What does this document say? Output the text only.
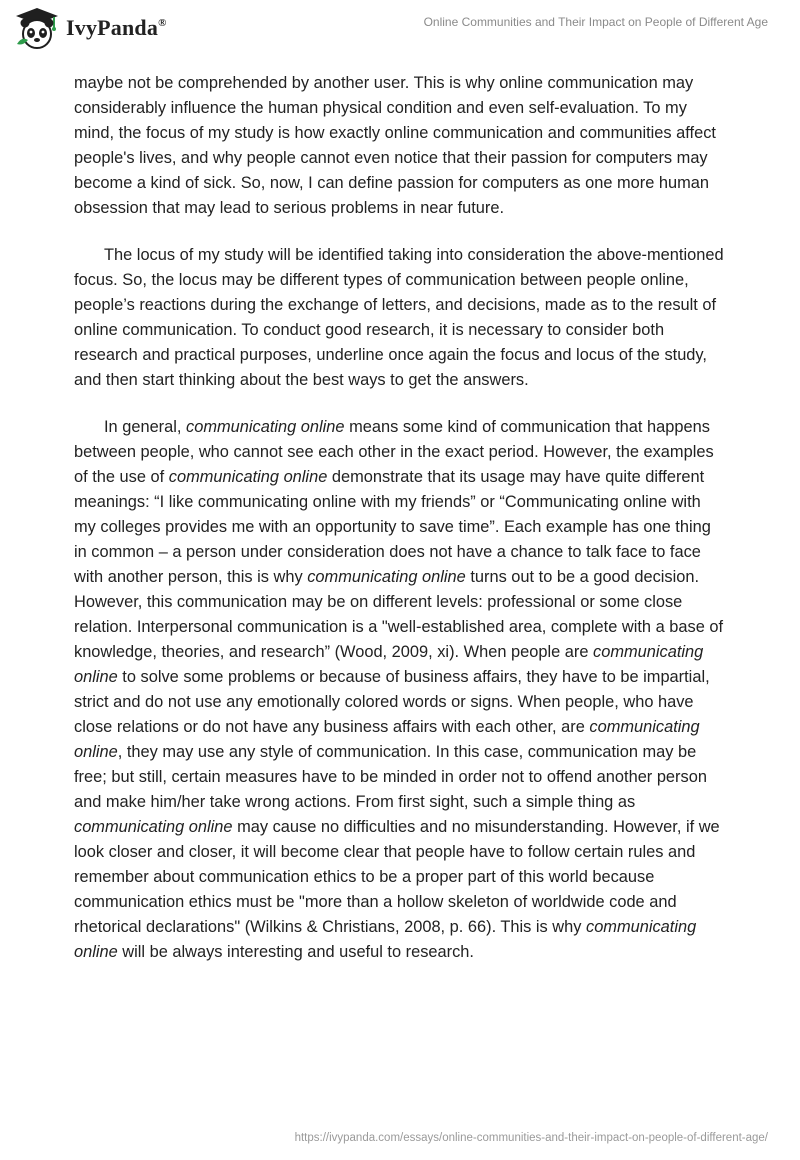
IvyPanda®	Online Communities and Their Impact on People of Different Age

maybe not be comprehended by another user. This is why online communication may considerably influence the human physical condition and even self-evaluation. To my mind, the focus of my study is how exactly online communication and communities affect people's lives, and why people cannot even notice that their passion for computers may become a kind of sick. So, now, I can define passion for computers as one more human obsession that may lead to serious problems in near future.

The locus of my study will be identified taking into consideration the above-mentioned focus. So, the locus may be different types of communication between people online, people’s reactions during the exchange of letters, and decisions, made as to the result of online communication. To conduct good research, it is necessary to consider both research and practical purposes, underline once again the focus and locus of the study, and then start thinking about the best ways to get the answers.

In general, communicating online means some kind of communication that happens between people, who cannot see each other in the exact period. However, the examples of the use of communicating online demonstrate that its usage may have quite different meanings: “I like communicating online with my friends” or “Communicating online with my colleges provides me with an opportunity to save time”. Each example has one thing in common – a person under consideration does not have a chance to talk face to face with another person, this is why communicating online turns out to be a good decision. However, this communication may be on different levels: professional or some close relation. Interpersonal communication is a "well-established area, complete with a base of knowledge, theories, and research” (Wood, 2009, xi). When people are communicating online to solve some problems or because of business affairs, they have to be impartial, strict and do not use any emotionally colored words or signs. When people, who have close relations or do not have any business affairs with each other, are communicating online, they may use any style of communication. In this case, communication may be free; but still, certain measures have to be minded in order not to offend another person and make him/her take wrong actions. From first sight, such a simple thing as communicating online may cause no difficulties and no misunderstanding. However, if we look closer and closer, it will become clear that people have to follow certain rules and remember about communication ethics to be a proper part of this world because communication ethics must be "more than a hollow skeleton of worldwide code and rhetorical declarations" (Wilkins & Christians, 2008, p. 66). This is why communicating online will be always interesting and useful to research.

https://ivypanda.com/essays/online-communities-and-their-impact-on-people-of-different-age/
